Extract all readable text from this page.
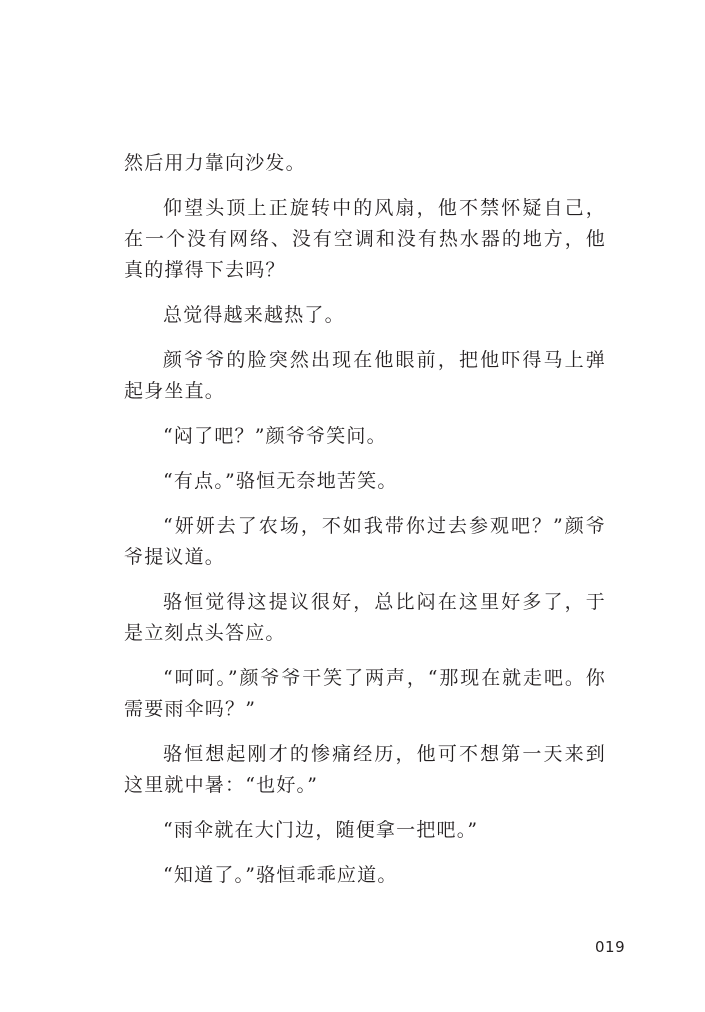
然后用力靠向沙发。

仰望头顶上正旋转中的风扇，他不禁怀疑自己，在一个没有网络、没有空调和没有热水器的地方，他真的撑得下去吗？

总觉得越来越热了。

颜爷爷的脸突然出现在他眼前，把他吓得马上弹起身坐直。

“闷了吧？”颜爷爷笑问。

“有点。”骆恒无奈地苦笑。

“妍妍去了农场，不如我带你过去参观吧？”颜爷爷提议道。

骆恒觉得这提议很好，总比闷在这里好多了，于是立刻点头答应。

“呵呵。”颜爷爷干笑了两声，“那现在就走吧。你需要雨伞吗？”

骆恒想起刚才的惨痛经历，他可不想第一天来到这里就中暑：“也好。”

“雨伞就在大门边，随便拿一把吧。”

“知道了。”骆恒乖乖应道。

019
